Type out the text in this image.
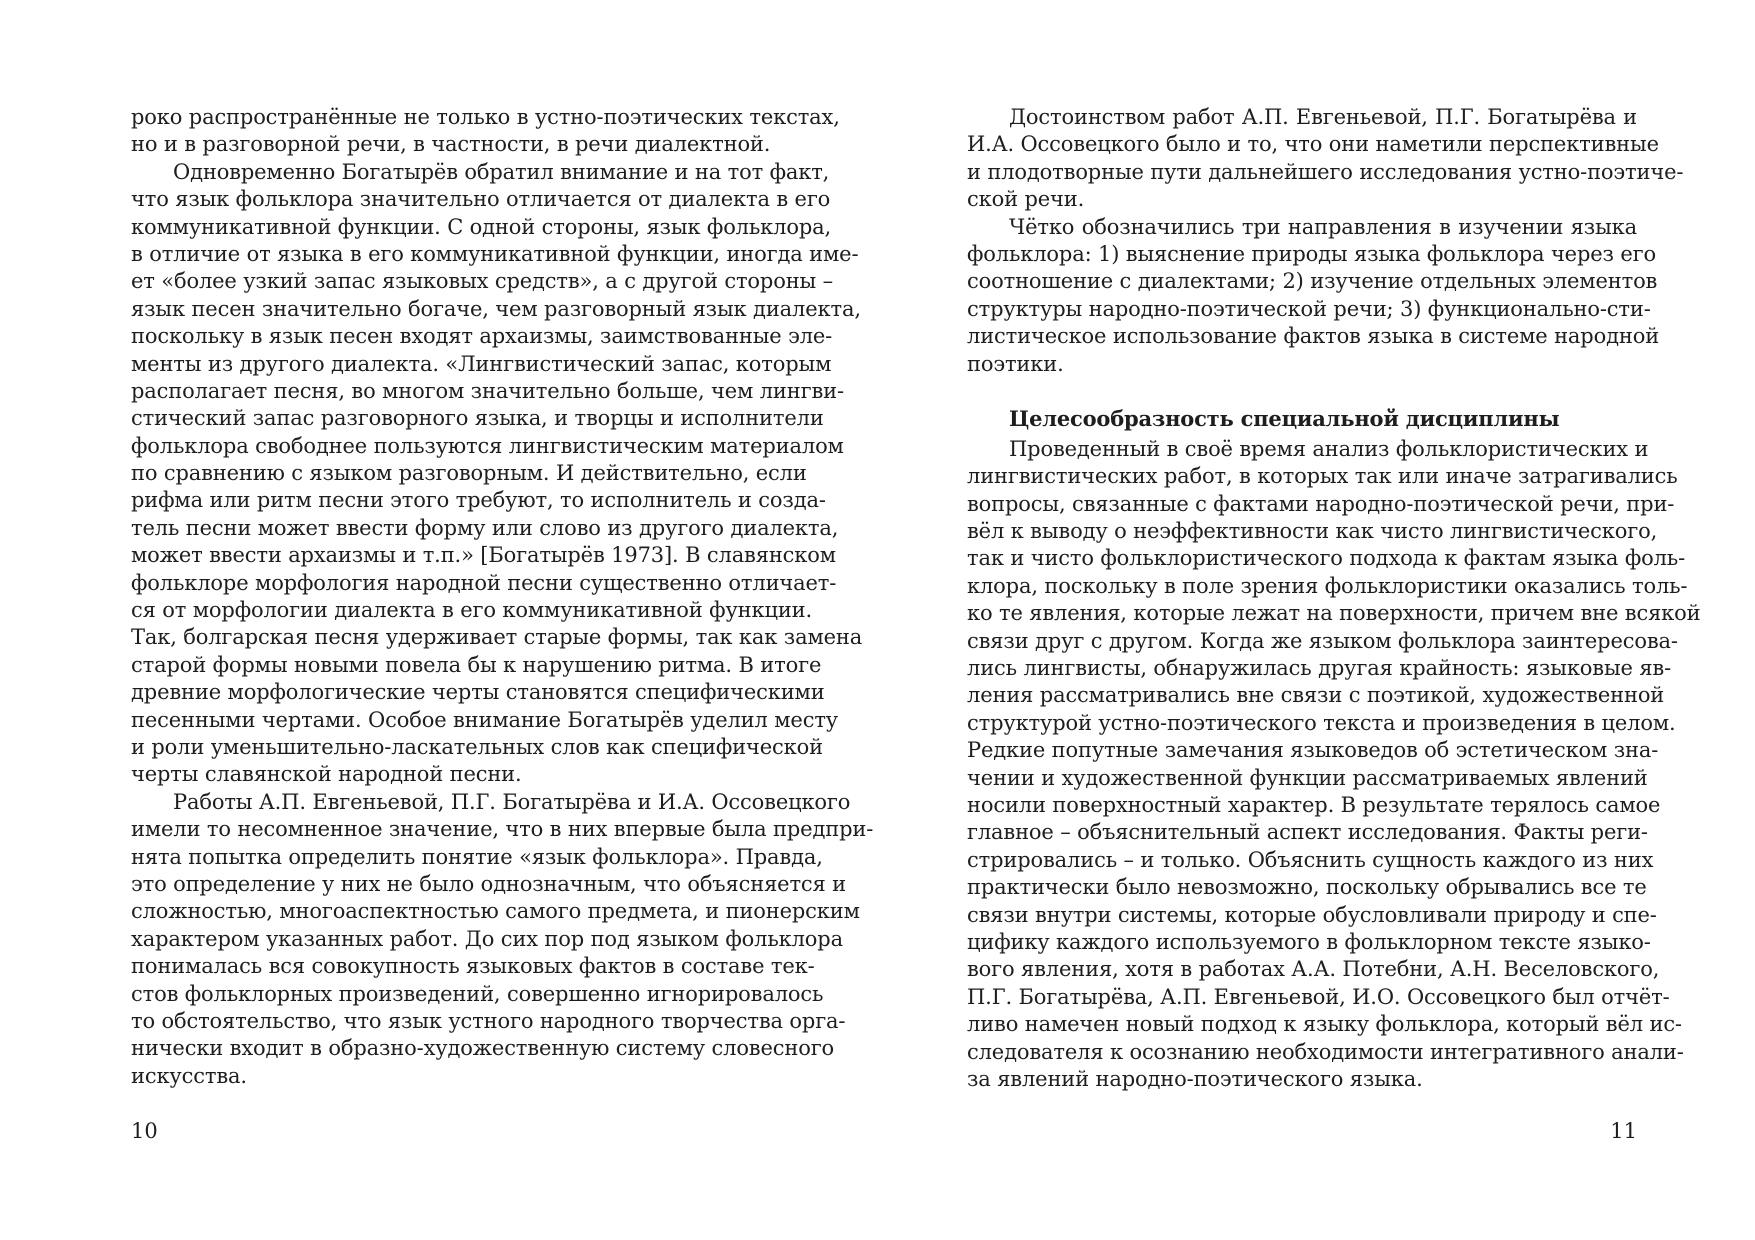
роко распространённые не только в устно-поэтических текстах,
но и в разговорной речи, в частности, в речи диалектной.
Одновременно Богатырёв обратил внимание и на тот факт,
что язык фольклора значительно отличается от диалекта в его
коммуникативной функции. С одной стороны, язык фольклора,
в отличие от языка в его коммуникативной функции, иногда име-
ет «более узкий запас языковых средств», а с другой стороны –
язык песен значительно богаче, чем разговорный язык диалекта,
поскольку в язык песен входят архаизмы, заимствованные эле-
менты из другого диалекта. «Лингвистический запас, которым
располагает песня, во многом значительно больше, чем лингви-
стический запас разговорного языка, и творцы и исполнители
фольклора свободнее пользуются лингвистическим материалом
по сравнению с языком разговорным. И действительно, если
рифма или ритм песни этого требуют, то исполнитель и созда-
тель песни может ввести форму или слово из другого диалекта,
может ввести архаизмы и т.п.» [Богатырёв 1973]. В славянском
фольклоре морфология народной песни существенно отличает-
ся от морфологии диалекта в его коммуникативной функции.
Так, болгарская песня удерживает старые формы, так как замена
старой формы новыми повела бы к нарушению ритма. В итоге
древние морфологические черты становятся специфическими
песенными чертами. Особое внимание Богатырёв уделил месту
и роли уменьшительно-ласкательных слов как специфической
черты славянской народной песни.
Работы А.П. Евгеньевой, П.Г. Богатырёва и И.А. Оссовецкого
имели то несомненное значение, что в них впервые была предпри-
нята попытка определить понятие «язык фольклора». Правда,
это определение у них не было однозначным, что объясняется и
сложностью, многоаспектностью самого предмета, и пионерским
характером указанных работ. До сих пор под языком фольклора
понималась вся совокупность языковых фактов в составе тек-
стов фольклорных произведений, совершенно игнорировалось
то обстоятельство, что язык устного народного творчества орга-
нически входит в образно-художественную систему словесного
искусства.
10
Достоинством работ А.П. Евгеньевой, П.Г. Богатырёва и
И.А. Оссовецкого было и то, что они наметили перспективные
и плодотворные пути дальнейшего исследования устно-поэтиче-
ской речи.
Чётко обозначились три направления в изучении языка
фольклора: 1) выяснение природы языка фольклора через его
соотношение с диалектами; 2) изучение отдельных элементов
структуры народно-поэтической речи; 3) функционально-сти-
листическое использование фактов языка в системе народной
поэтики.
Целесообразность специальной дисциплины
Проведенный в своё время анализ фольклористических и
лингвистических работ, в которых так или иначе затрагивались
вопросы, связанные с фактами народно-поэтической речи, при-
вёл к выводу о неэффективности как чисто лингвистического,
так и чисто фольклористического подхода к фактам языка фоль-
клора, поскольку в поле зрения фольклористики оказались толь-
ко те явления, которые лежат на поверхности, причем вне всякой
связи друг с другом. Когда же языком фольклора заинтересова-
лись лингвисты, обнаружилась другая крайность: языковые яв-
ления рассматривались вне связи с поэтикой, художественной
структурой устно-поэтического текста и произведения в целом.
Редкие попутные замечания языковедов об эстетическом зна-
чении и художественной функции рассматриваемых явлений
носили поверхностный характер. В результате терялось самое
главное – объяснительный аспект исследования. Факты реги-
стрировались – и только. Объяснить сущность каждого из них
практически было невозможно, поскольку обрывались все те
связи внутри системы, которые обусловливали природу и спе-
цифику каждого используемого в фольклорном тексте языко-
вого явления, хотя в работах А.А. Потебни, А.Н. Веселовского,
П.Г. Богатырёва, А.П. Евгеньевой, И.О. Оссовецкого был отчёт-
ливо намечен новый подход к языку фольклора, который вёл ис-
следователя к осознанию необходимости интегративного анали-
за явлений народно-поэтического языка.
11
